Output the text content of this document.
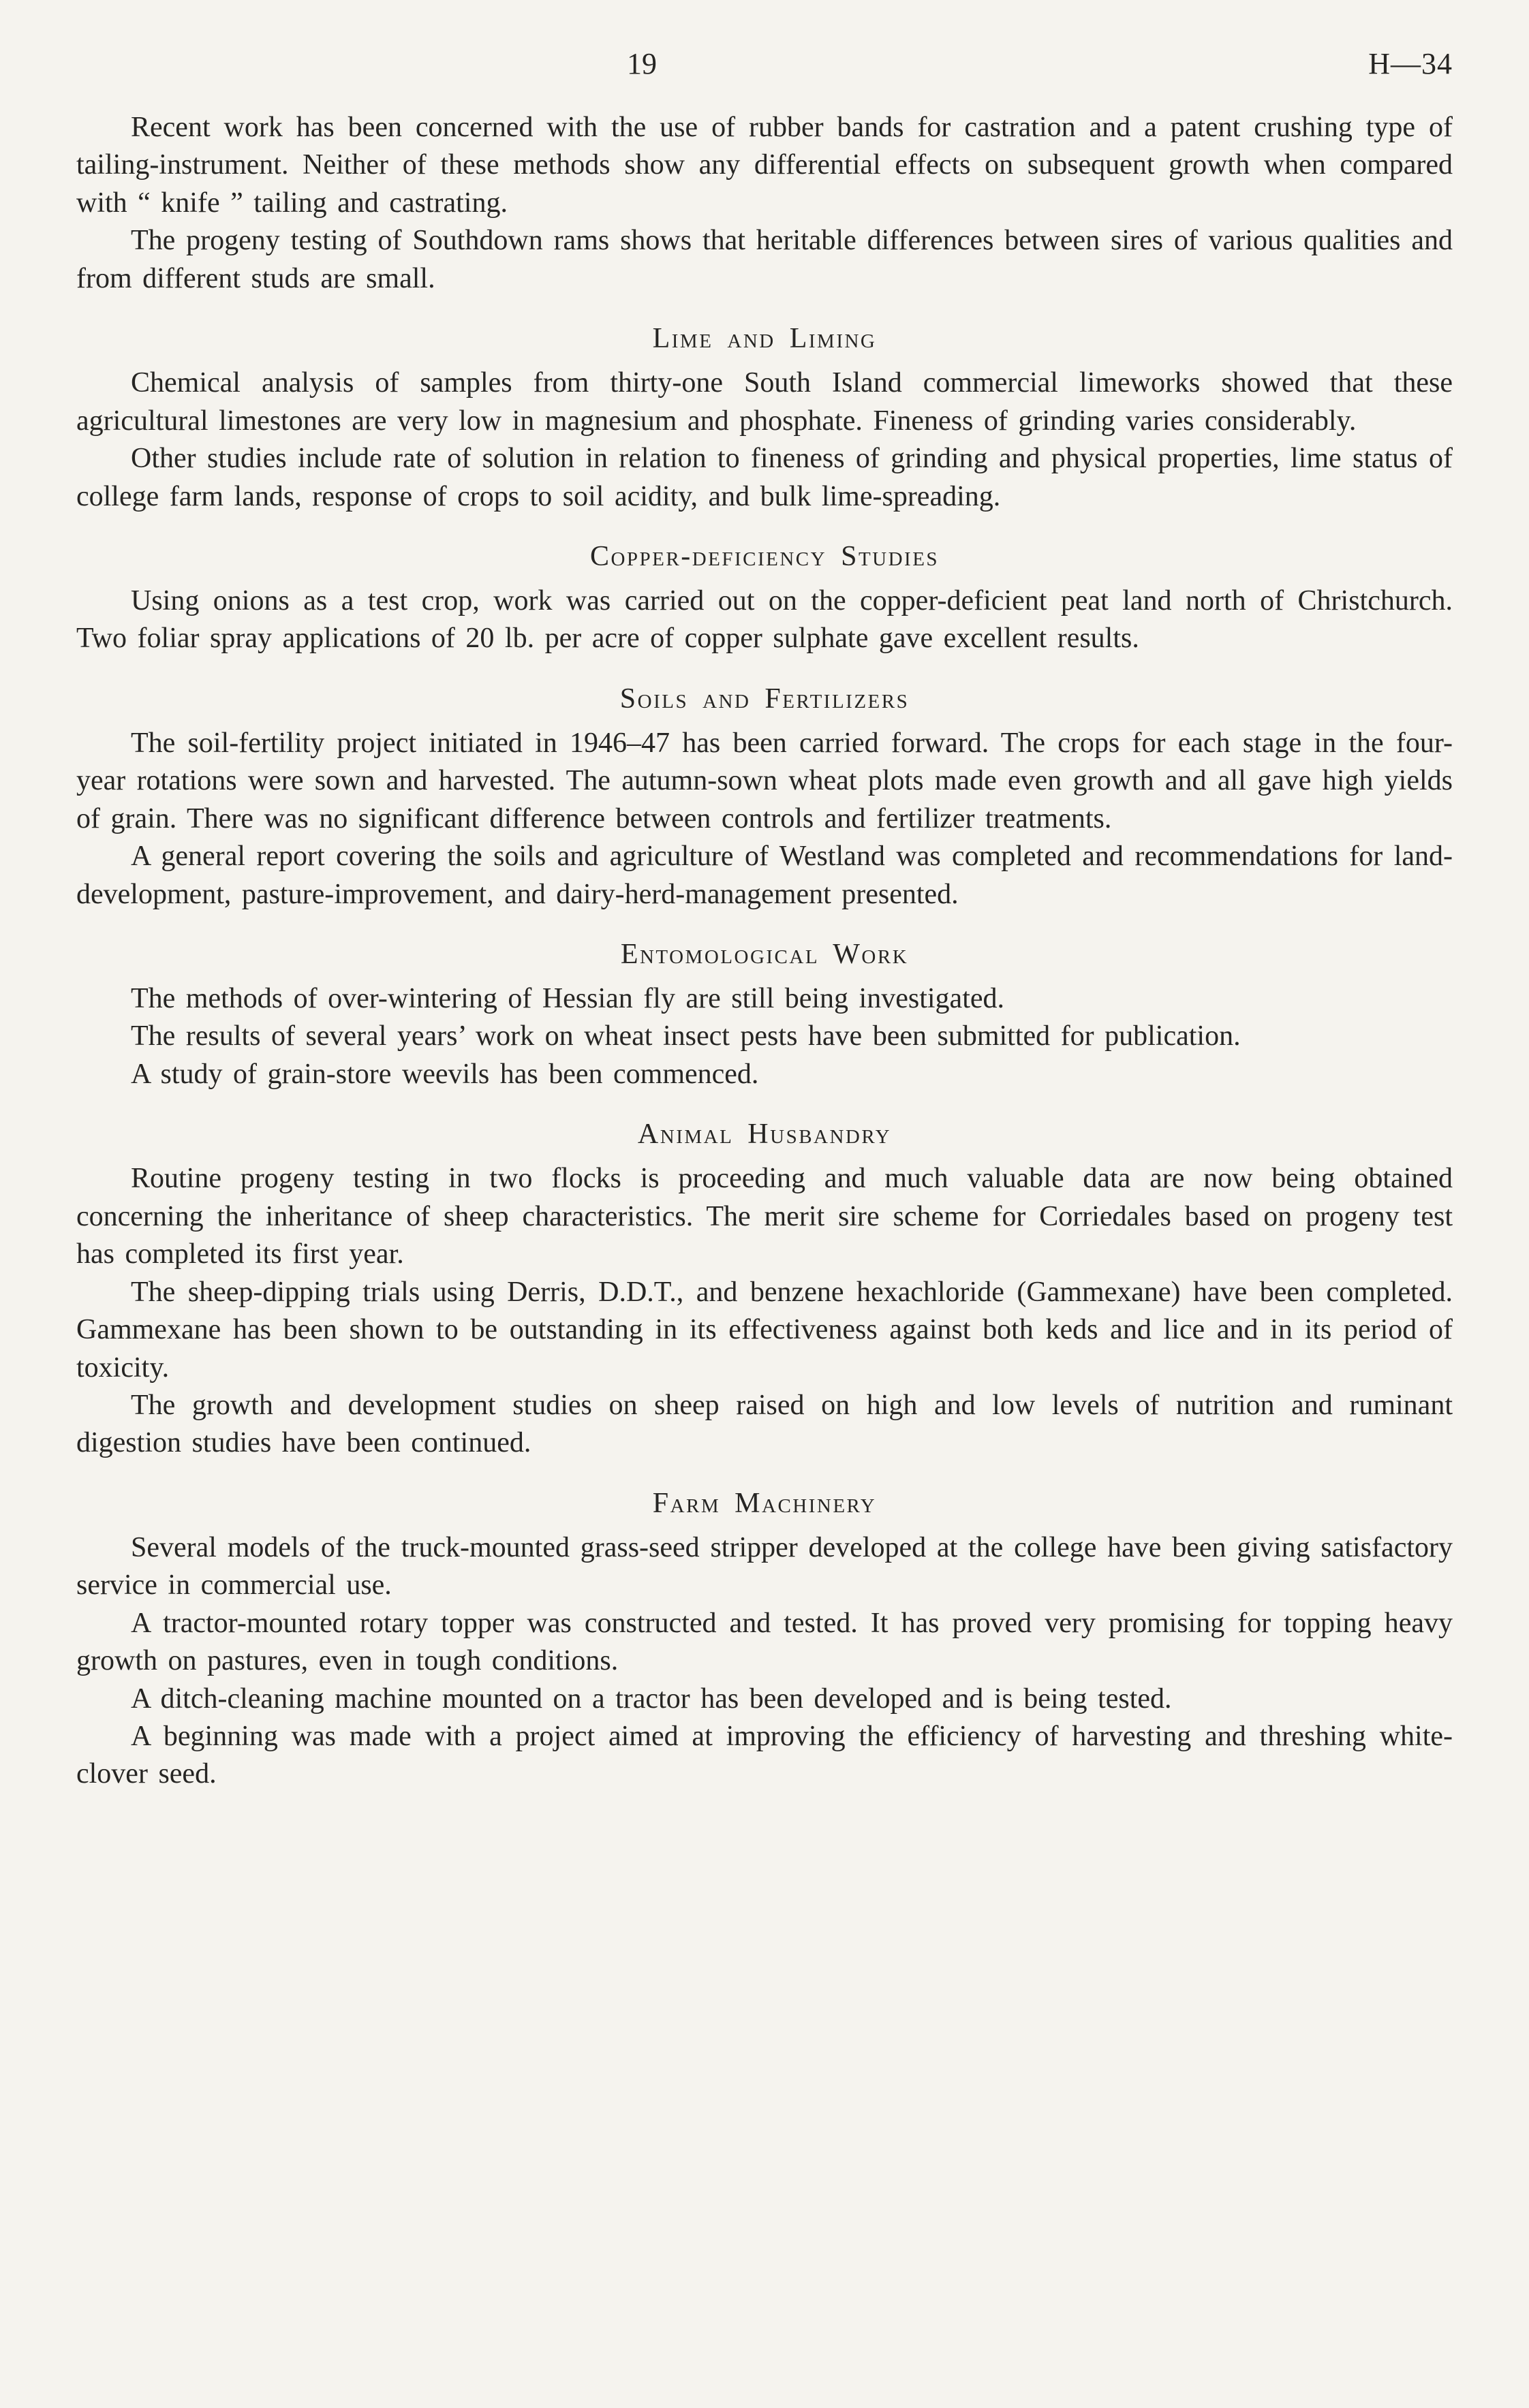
19	H—34

Recent work has been concerned with the use of rubber bands for castration and a patent crushing type of tailing-instrument. Neither of these methods show any differential effects on subsequent growth when compared with “ knife ” tailing and castrating.

The progeny testing of Southdown rams shows that heritable differences between sires of various qualities and from different studs are small.

Lime and Liming

Chemical analysis of samples from thirty-one South Island commercial limeworks showed that these agricultural limestones are very low in magnesium and phosphate. Fineness of grinding varies considerably.

Other studies include rate of solution in relation to fineness of grinding and physical properties, lime status of college farm lands, response of crops to soil acidity, and bulk lime-spreading.

Copper-deficiency Studies

Using onions as a test crop, work was carried out on the copper-deficient peat land north of Christchurch. Two foliar spray applications of 20 lb. per acre of copper sulphate gave excellent results.

Soils and Fertilizers

The soil-fertility project initiated in 1946–47 has been carried forward. The crops for each stage in the four-year rotations were sown and harvested. The autumn-sown wheat plots made even growth and all gave high yields of grain. There was no significant difference between controls and fertilizer treatments.

A general report covering the soils and agriculture of Westland was completed and recommendations for land-development, pasture-improvement, and dairy-herd-management presented.

Entomological Work

The methods of over-wintering of Hessian fly are still being investigated.

The results of several years’ work on wheat insect pests have been submitted for publication.

A study of grain-store weevils has been commenced.

Animal Husbandry

Routine progeny testing in two flocks is proceeding and much valuable data are now being obtained concerning the inheritance of sheep characteristics. The merit sire scheme for Corriedales based on progeny test has completed its first year.

The sheep-dipping trials using Derris, D.D.T., and benzene hexachloride (Gammexane) have been completed. Gammexane has been shown to be outstanding in its effectiveness against both keds and lice and in its period of toxicity.

The growth and development studies on sheep raised on high and low levels of nutrition and ruminant digestion studies have been continued.

Farm Machinery

Several models of the truck-mounted grass-seed stripper developed at the college have been giving satisfactory service in commercial use.

A tractor-mounted rotary topper was constructed and tested. It has proved very promising for topping heavy growth on pastures, even in tough conditions.

A ditch-cleaning machine mounted on a tractor has been developed and is being tested.

A beginning was made with a project aimed at improving the efficiency of harvesting and threshing white-clover seed.
